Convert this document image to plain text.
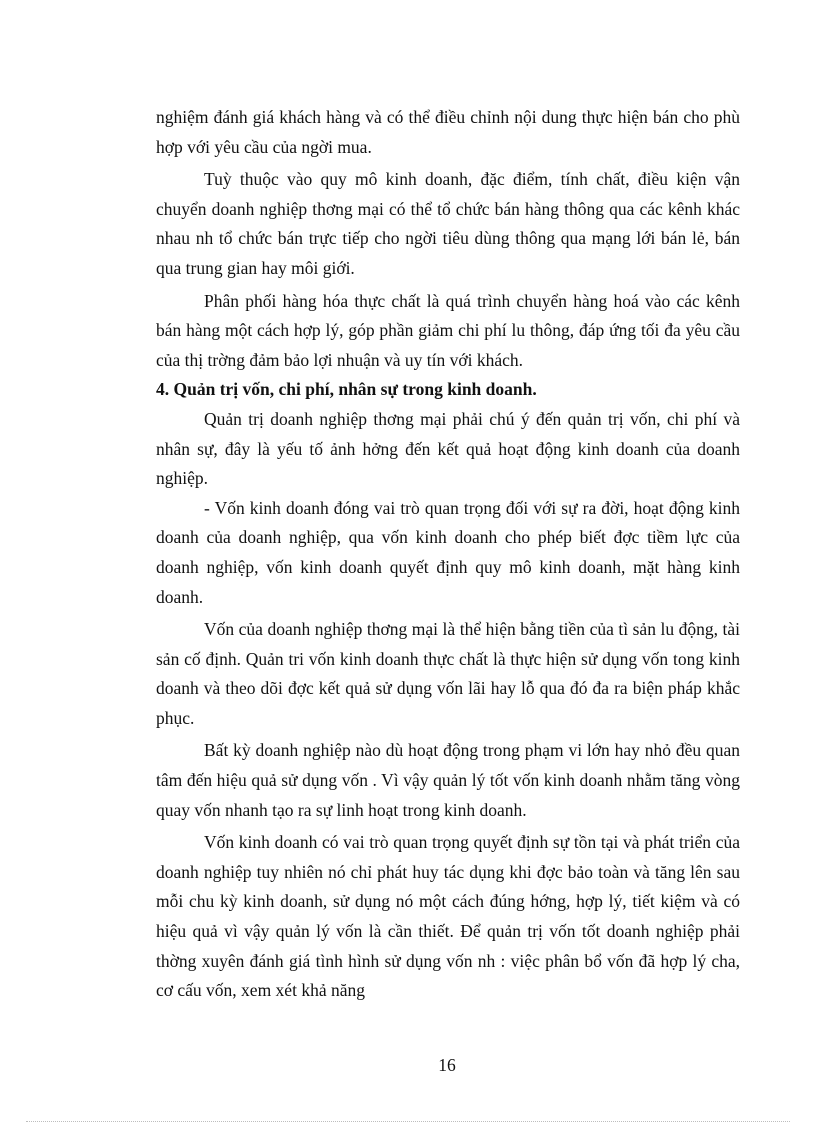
nghiệm đánh giá khách hàng và có thể điều chỉnh nội dung thực hiện bán cho phù hợp với yêu cầu của ngời mua.

Tuỳ thuộc vào quy mô kinh doanh, đặc điểm, tính chất, điều kiện vận chuyển doanh nghiệp thơng mại có thể tổ chức bán hàng thông qua các kênh khác nhau nh tổ chức bán trực tiếp cho ngời tiêu dùng thông qua mạng lới bán lẻ, bán qua trung gian hay môi giới.

Phân phối hàng hóa thực chất là quá trình chuyển hàng hoá vào các kênh bán hàng một cách hợp lý, góp phần giảm chi phí lu thông, đáp ứng tối đa yêu cầu của thị trờng đảm bảo lợi nhuận và uy tín với khách.

4. Quản trị vốn, chi phí, nhân sự trong kinh doanh.

Quản trị doanh nghiệp thơng mại phải chú ý đến quản trị vốn, chi phí và nhân sự, đây là yếu tố ảnh hởng đến kết quả hoạt động kinh doanh của doanh nghiệp.

- Vốn kinh doanh đóng vai trò quan trọng đối với sự ra đời, hoạt động kinh doanh của doanh nghiệp, qua vốn kinh doanh cho phép biết đợc tiềm lực của doanh nghiệp, vốn kinh doanh quyết định quy mô kinh doanh, mặt hàng kinh doanh.

Vốn của doanh nghiệp thơng mại là thể hiện bằng tiền của tì sản lu động, tài sản cố định. Quản tri vốn kinh doanh thực chất là thực hiện sử dụng vốn tong kinh doanh và theo dõi đợc kết quả sử dụng vốn lãi hay lỗ qua đó đa ra biện pháp khắc phục.

Bất kỳ doanh nghiệp nào dù hoạt động trong phạm vi lớn hay nhỏ đều quan tâm đến hiệu quả sử dụng vốn . Vì vậy quản lý tốt vốn kinh doanh nhằm tăng vòng quay vốn nhanh tạo ra sự linh hoạt trong kinh doanh.

Vốn kinh doanh có vai trò quan trọng quyết định sự tồn tại và phát triển của doanh nghiệp tuy nhiên nó chỉ phát huy tác dụng khi đợc bảo toàn và tăng lên sau mỗi chu kỳ kinh doanh, sử dụng nó một cách đúng hớng, hợp lý, tiết kiệm và có hiệu quả vì vậy quản lý vốn là cần thiết. Để quản trị vốn tốt doanh nghiệp phải thờng xuyên đánh giá tình hình sử dụng vốn nh : việc phân bổ vốn đã hợp lý cha, cơ cấu vốn, xem xét khả năng

16
